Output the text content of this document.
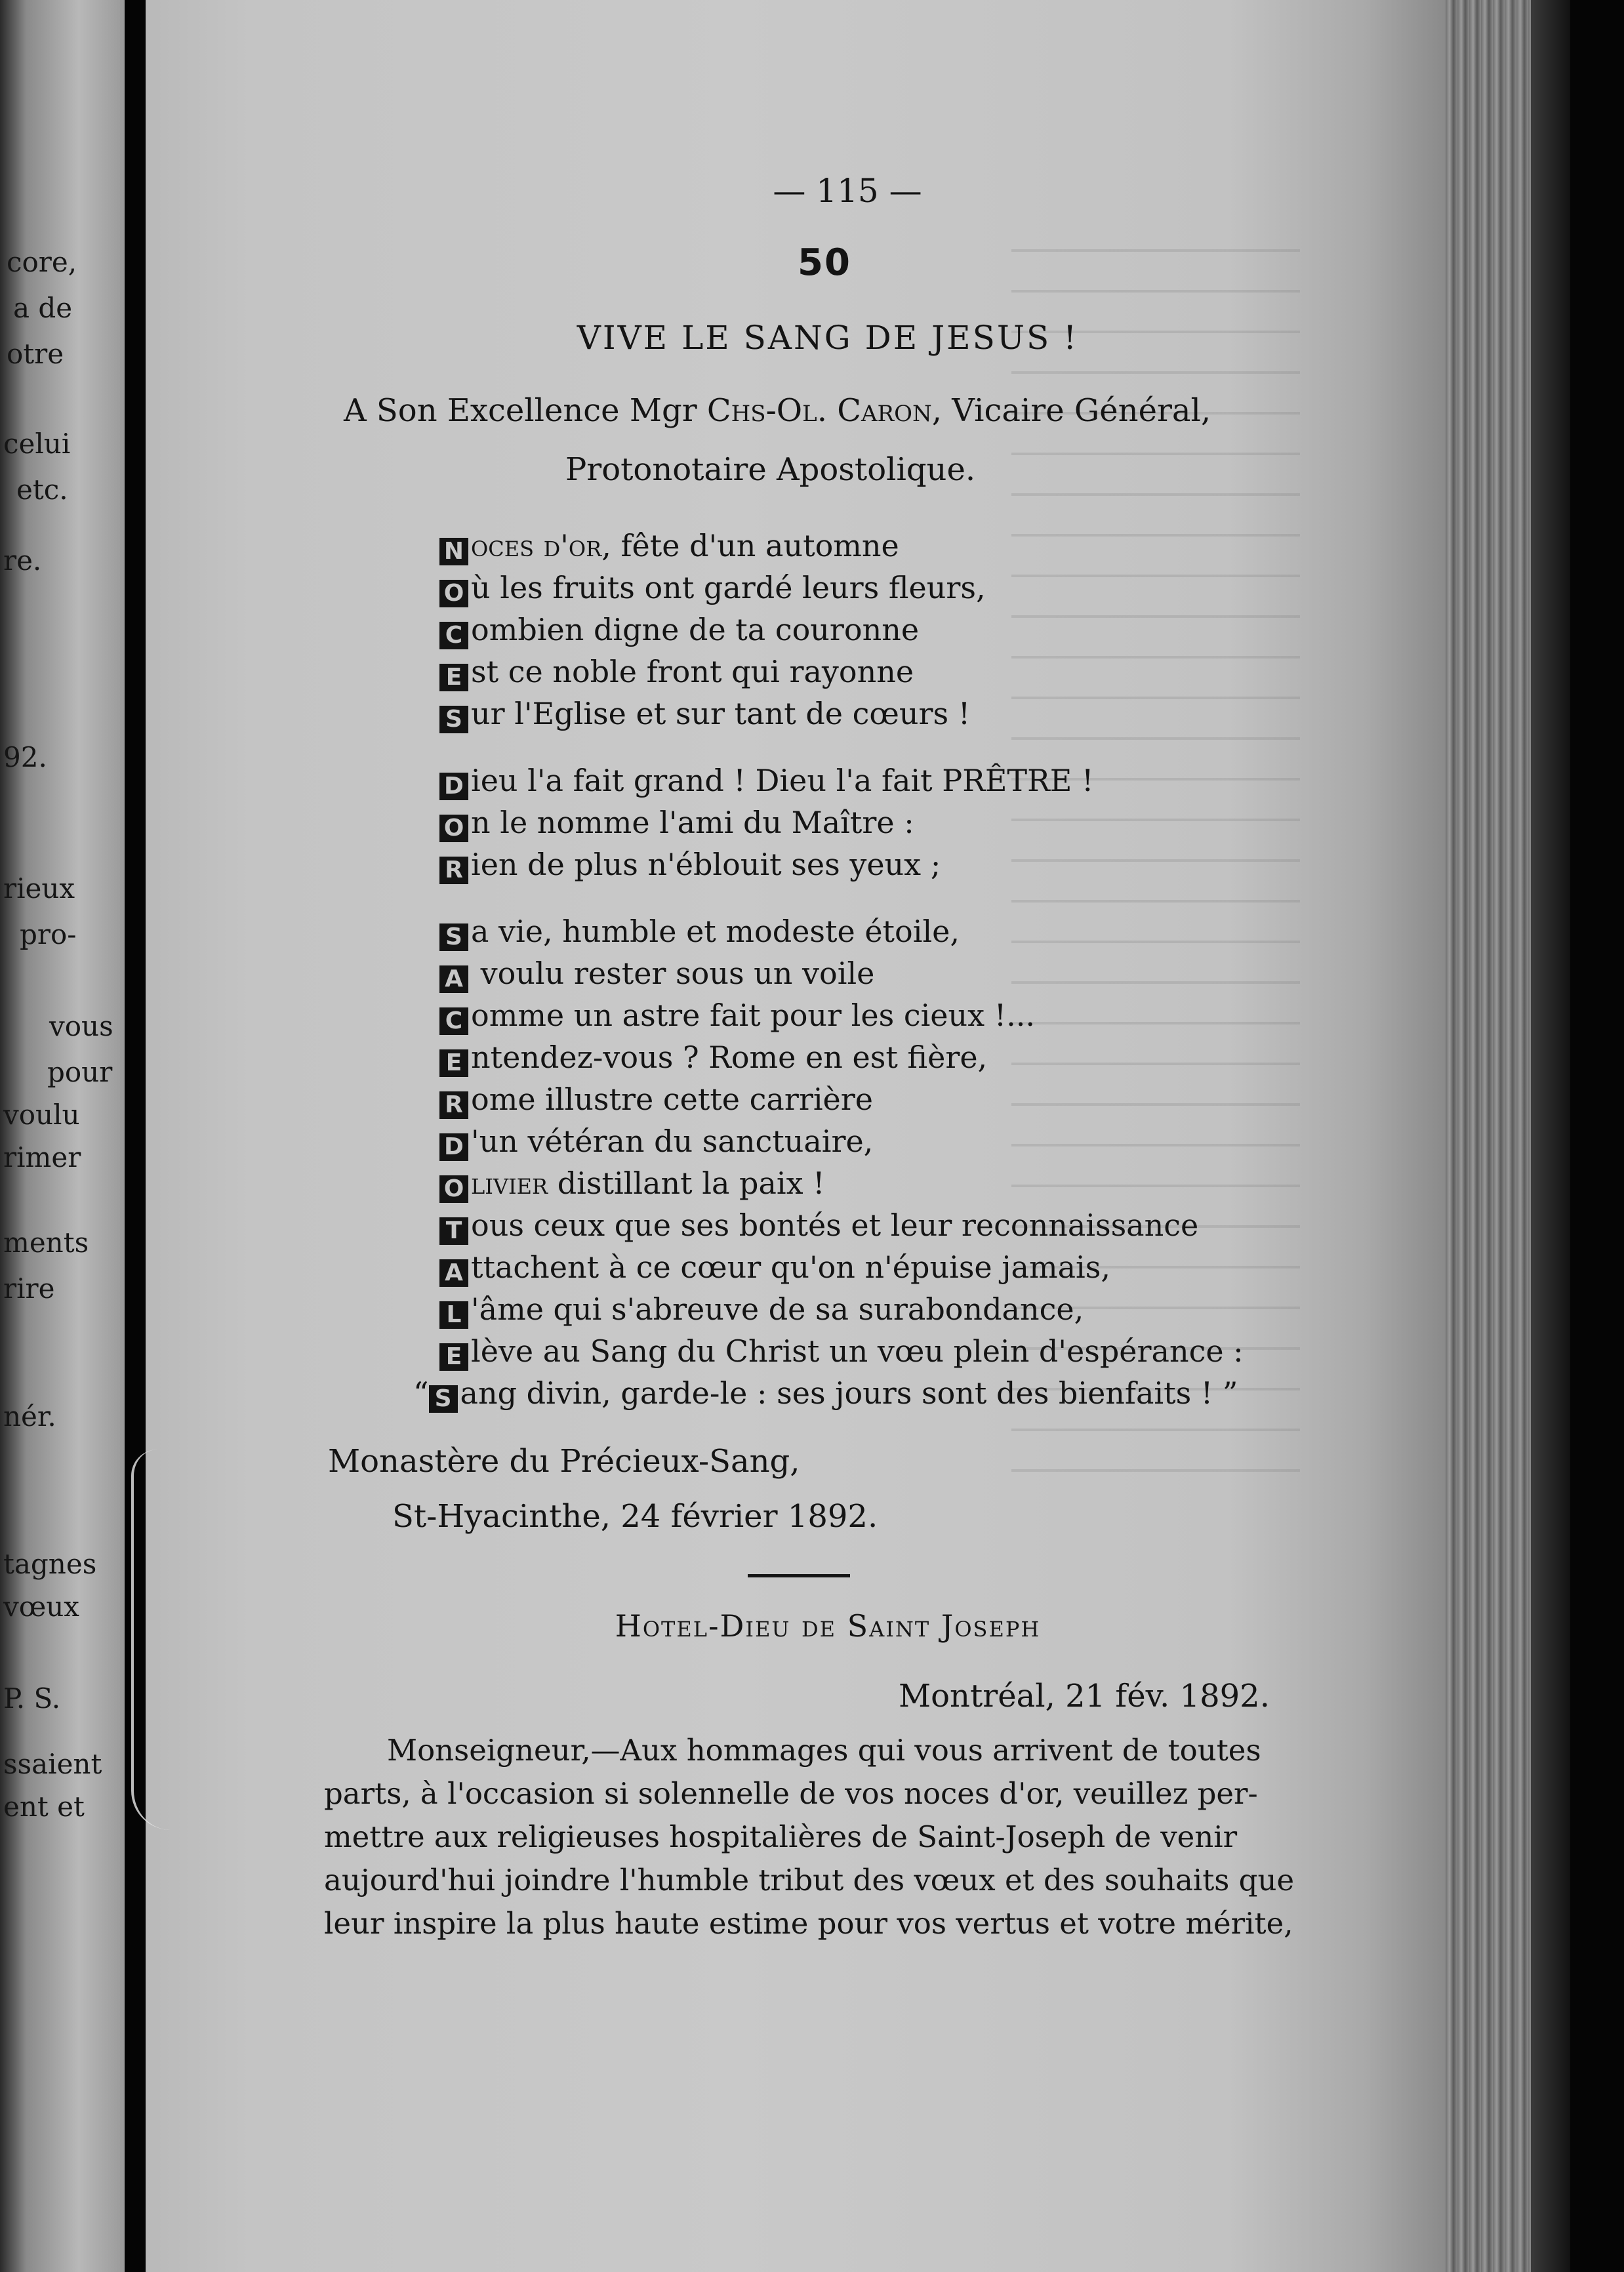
core,
a de
otre
celui
etc.
re.
92.
rieux
pro-
vous
pour
voulu
rimer
ments
rire
nér.
tagnes
vœux
P. S.
ssaient
ent et
— 115 —
50
VIVE LE SANG DE JESUS !
A Son Excellence Mgr Chs-Ol. Caron, Vicaire Général,
Protonotaire Apostolique.
N oces d'or, fête d'un automne
O ù les fruits ont gardé leurs fleurs,
C ombien digne de ta couronne
E st ce noble front qui rayonne
S ur l'Eglise et sur tant de cœurs !
D ieu l'a fait grand ! Dieu l'a fait PRÊTRE !
O n le nomme l'ami du Maître :
R ien de plus n'éblouit ses yeux ;
S a vie, humble et modeste étoile,
A voulu rester sous un voile
C omme un astre fait pour les cieux !...
E ntendez-vous ? Rome en est fière,
R ome illustre cette carrière
D 'un vétéran du sanctuaire,
O livier distillant la paix !
T ous ceux que ses bontés et leur reconnaissance
A ttachent à ce cœur qu'on n'épuise jamais,
L 'âme qui s'abreuve de sa surabondance,
E lève au Sang du Christ un vœu plein d'espérance :
“ S ang divin, garde-le : ses jours sont des bienfaits ! ”
Monastère du Précieux-Sang,
St-Hyacinthe, 24 février 1892.
Hotel-Dieu de Saint Joseph
Montréal, 21 fév. 1892.
Monseigneur,—Aux hommages qui vous arrivent de toutes
parts, à l'occasion si solennelle de vos noces d'or, veuillez per-
mettre aux religieuses hospitalières de Saint-Joseph de venir
aujourd'hui joindre l'humble tribut des vœux et des souhaits que
leur inspire la plus haute estime pour vos vertus et votre mérite,
